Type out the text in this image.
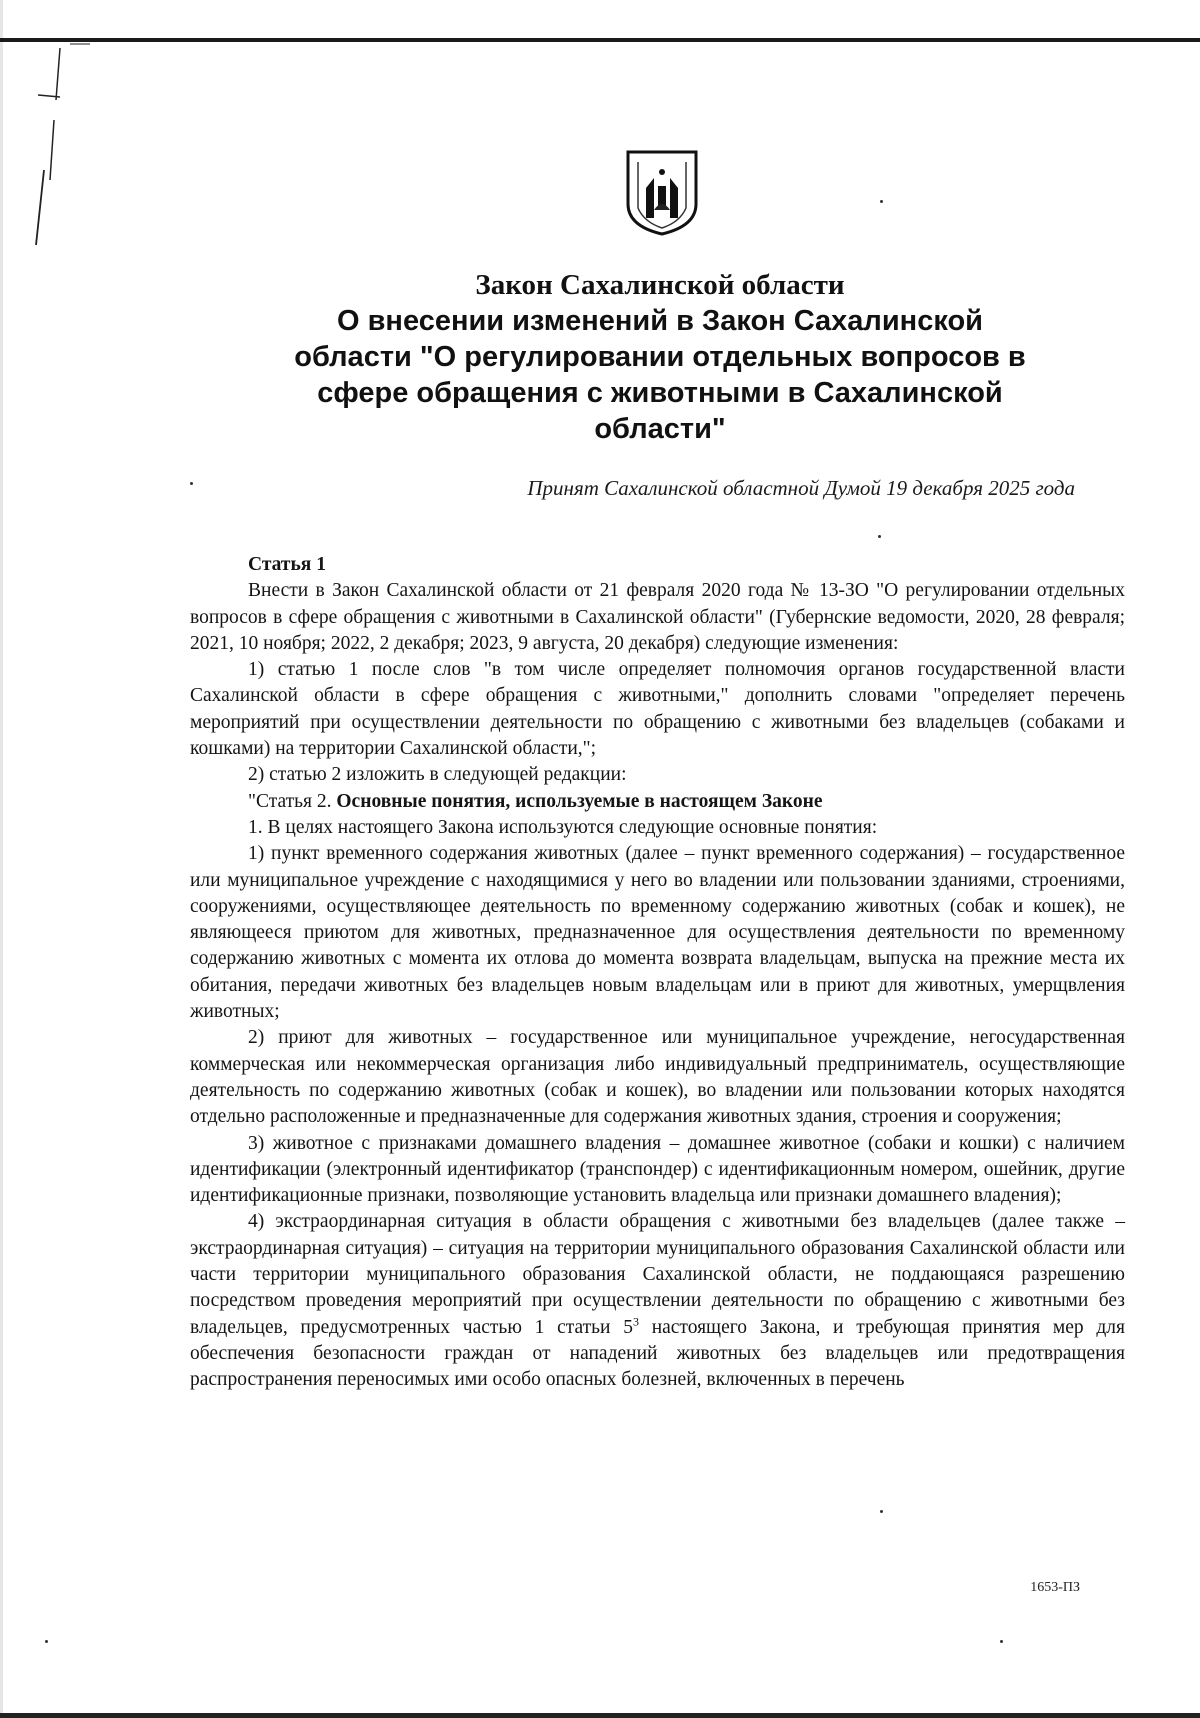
Закон Сахалинской области

О внесении изменений в Закон Сахалинской

области "О регулировании отдельных вопросов в

сфере обращения с животными в Сахалинской

области"

Принят Сахалинской областной Думой 19 декабря 2025 года

Статья 1

Внести в Закон Сахалинской области от 21 февраля 2020 года № 13-ЗО "О регулировании отдельных вопросов в сфере обращения с животными в Сахалинской области" (Губернские ведомости, 2020, 28 февраля; 2021, 10 ноября; 2022, 2 декабря; 2023, 9 августа, 20 декабря) следующие изменения:

1) статью 1 после слов "в том числе определяет полномочия органов государственной власти Сахалинской области в сфере обращения с животными," дополнить словами "определяет перечень мероприятий при осуществлении деятельности по обращению с животными без владельцев (собаками и кошками) на территории Сахалинской области,";

2) статью 2 изложить в следующей редакции:

"Статья 2. Основные понятия, используемые в настоящем Законе

1. В целях настоящего Закона используются следующие основные понятия:

1) пункт временного содержания животных (далее – пункт временного содержания) – государственное или муниципальное учреждение с находящимися у него во владении или пользовании зданиями, строениями, сооружениями, осуществляющее деятельность по временному содержанию животных (собак и кошек), не являющееся приютом для животных, предназначенное для осуществления деятельности по временному содержанию животных с момента их отлова до момента возврата владельцам, выпуска на прежние места их обитания, передачи животных без владельцев новым владельцам или в приют для животных, умерщвления животных;

2) приют для животных – государственное или муниципальное учреждение, негосударственная коммерческая или некоммерческая организация либо индивидуальный предприниматель, осуществляющие деятельность по содержанию животных (собак и кошек), во владении или пользовании которых находятся отдельно расположенные и предназначенные для содержания животных здания, строения и сооружения;

3) животное с признаками домашнего владения – домашнее животное (собаки и кошки) с наличием идентификации (электронный идентификатор (транспондер) с идентификационным номером, ошейник, другие идентификационные признаки, позволяющие установить владельца или признаки домашнего владения);

4) экстраординарная ситуация в области обращения с животными без владельцев (далее также – экстраординарная ситуация) – ситуация на территории муниципального образования Сахалинской области или части территории муниципального образования Сахалинской области, не поддающаяся разрешению посредством проведения мероприятий при осуществлении деятельности по обращению с животными без владельцев, предусмотренных частью 1 статьи $5^3$ настоящего Закона, и требующая принятия мер для обеспечения безопасности граждан от нападений животных без владельцев или предотвращения распространения переносимых ими особо опасных болезней, включенных в перечень

1653-ПЗ
